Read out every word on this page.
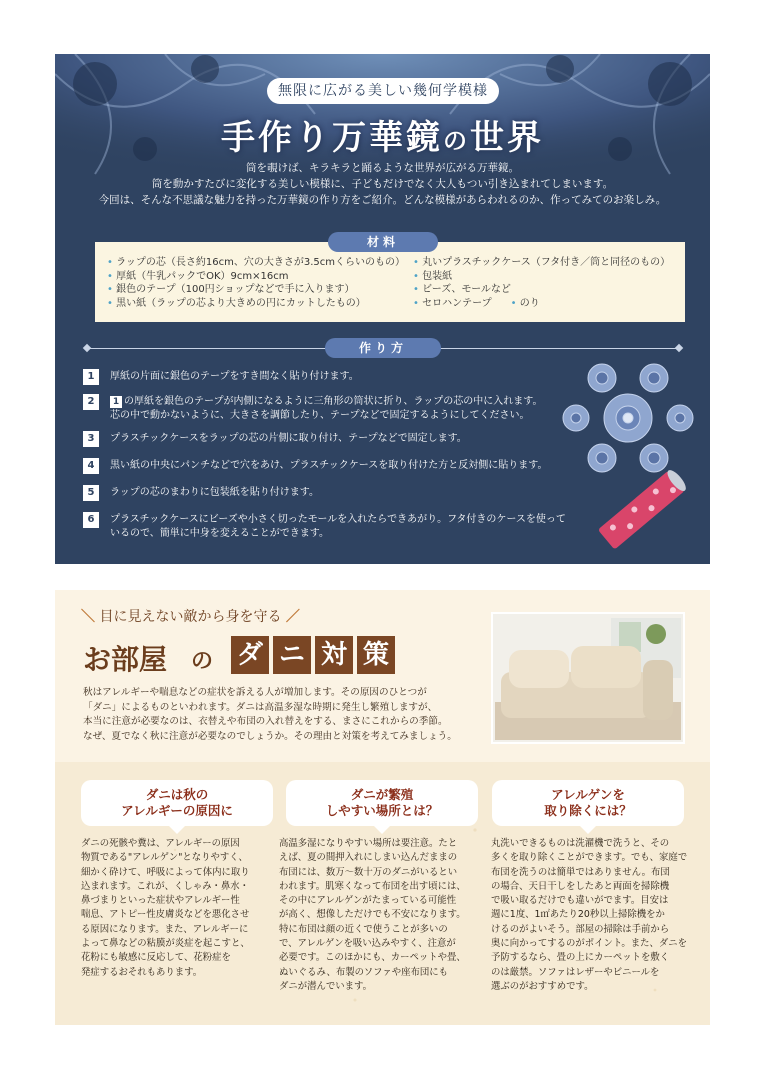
無限に広がる美しい幾何学模様
手作り万華鏡の世界
筒を覗けば、キラキラと踊るような世界が広がる万華鏡。
筒を動かすたびに変化する美しい模様に、子どもだけでなく大人もつい引き込まれてしまいます。
今回は、そんな不思議な魅力を持った万華鏡の作り方をご紹介。どんな模様があらわれるのか、作ってみてのお楽しみ。
• ラップの芯（長さ約16cm、穴の大きさが3.5cmくらいのもの）
• 厚紙（牛乳パックでOK）9cm×16cm
• 銀色のテープ（100円ショップなどで手に入ります）
• 黒い紙（ラップの芯より大きめの円にカットしたもの）
• 丸いプラスチックケース（フタ付き／筒と同径のもの）
• 包装紙
• ビーズ、モールなど
• セロハンテープ • のり
材料
作り方
1	厚紙の片面に銀色のテープをすき間なく貼り付けます。
2	1 の厚紙を銀色のテープが内側になるように三角形の筒状に折り、ラップの芯の中に入れます。
芯の中で動かないように、大きさを調節したり、テープなどで固定するようにしてください。
3	プラスチックケースをラップの芯の片側に取り付け、テープなどで固定します。
4	黒い紙の中央にパンチなどで穴をあけ、プラスチックケースを取り付けた方と反対側に貼ります。
5	ラップの芯のまわりに包装紙を貼り付けます。
6	プラスチックケースにビーズや小さく切ったモールを入れたらできあがり。フタ付きのケースを使って
いるので、簡単に中身を変えることができます。
＼ 目に見えない敵から身を守る ／
お部屋 の ダ ニ 対 策
秋はアレルギーや喘息などの症状を訴える人が増加します。その原因のひとつが
「ダニ」によるものといわれます。ダニは高温多湿な時期に発生し繁殖しますが、
本当に注意が必要なのは、衣替えや布団の入れ替えをする、まさにこれからの季節。
なぜ、夏でなく秋に注意が必要なのでしょうか。その理由と対策を考えてみましょう。
ダニは秋の
アレルギーの原因に
ダニが繁殖
しやすい場所とは？
アレルゲンを
取り除くには？
ダニの死骸や糞は、アレルギーの原因
物質である"アレルゲン"となりやすく、
細かく砕けて、呼吸によって体内に取り
込まれます。これが、くしゃみ・鼻水・
鼻づまりといった症状やアレルギー性
喘息、アトピー性皮膚炎などを悪化させ
る原因になります。また、アレルギーに
よって鼻などの粘膜が炎症を起こすと、
花粉にも敏感に反応して、花粉症を
発症するおそれもあります。
高温多湿になりやすい場所は要注意。たと
えば、夏の間押入れにしまい込んだままの
布団には、数万〜数十万のダニがいるとい
われます。肌寒くなって布団を出す頃には、
その中にアレルゲンがたまっている可能性
が高く、想像しただけでも不安になります。
特に布団は顔の近くで使うことが多いの
で、アレルゲンを吸い込みやすく、注意が
必要です。このほかにも、カーペットや畳、
ぬいぐるみ、布製のソファや座布団にも
ダニが潜んでいます。
丸洗いできるものは洗濯機で洗うと、その
多くを取り除くことができます。でも、家庭で
布団を洗うのは簡単ではありません。布団
の場合、天日干しをしたあと両面を掃除機
で吸い取るだけでも違いがでます。目安は
週に1度、1㎡あたり20秒以上掃除機をか
けるのがよいそう。部屋の掃除は手前から
奥に向かってするのがポイント。また、ダニを
予防するなら、畳の上にカーペットを敷く
のは厳禁。ソファはレザーやビニールを
選ぶのがおすすめです。
